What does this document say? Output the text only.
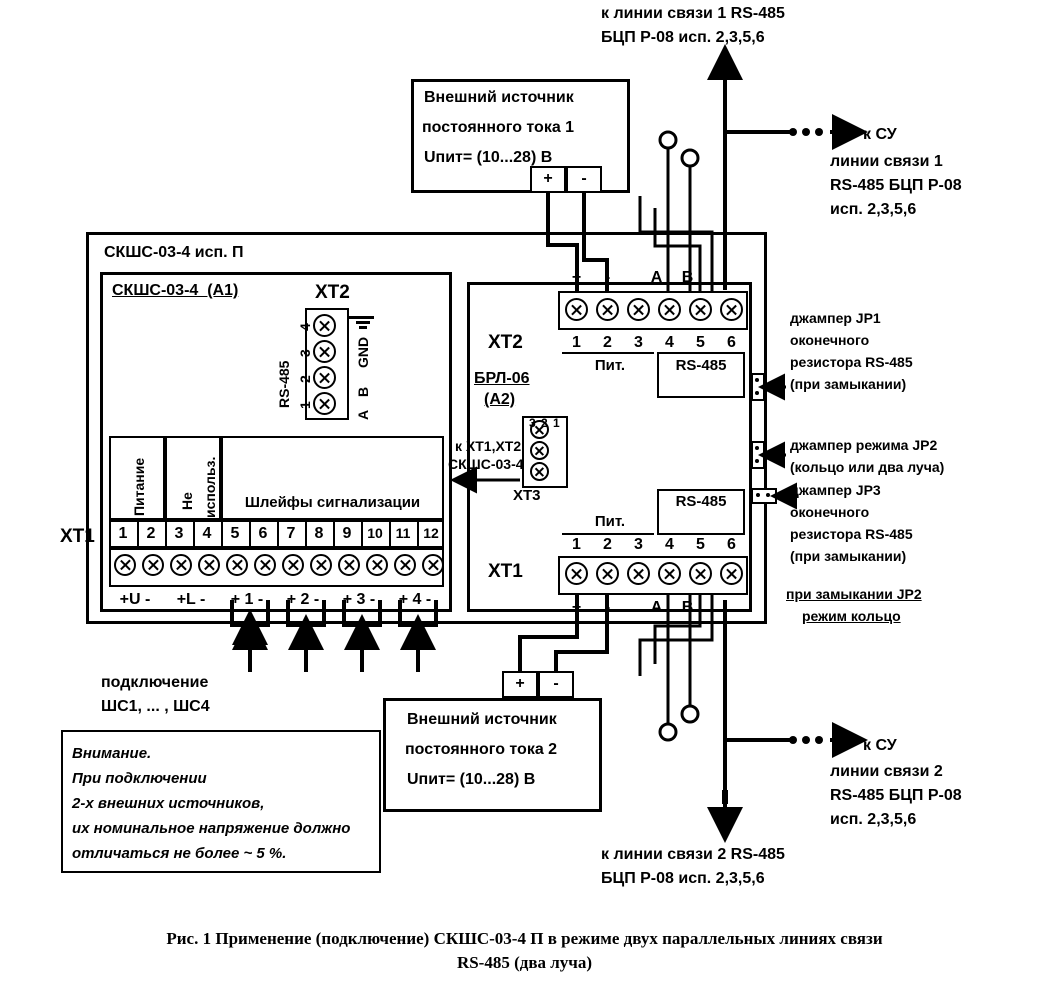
к линии связи 1 RS-485
БЦП Р-08 исп. 2,3,5,6
к СУ
линии связи 1
RS-485 БЦП Р-08
исп. 2,3,5,6
Внешний источник
постоянного тока 1
Uпит= (10...28) В
+	-
СКШС-03-4 исп. П
СКШС-03-4  (А1)
БРЛ-06
(А2)
XT2
4
3
2
1
RS-485
A
B
GND
Питание Не использ.	Шлейфы сигнализации
XT1	1	2	3	4	5	6	7	8	9	10 11 12
+U -	+L -	+ 1 -	+ 2 -	+ 3 -	+ 4 -
подключение
ШС1, ... , ШС4
XT2	1	2	3	4	5	6
Пит.	RS-485
+	-	A	B
1
2
3
XT3
к XT1,XT2
СКШС-03-4
Пит.
RS-485
1	2	3	4	5	6
XT1
+	-	A	B
джампер JP1
оконечного
резистора RS-485
(при замыкании)
джампер режима JP2
(кольцо или два луча)
джампер JP3
оконечного
резистора RS-485
(при замыкании)
при замыкании JP2
режим кольцо
Внешний источник
постоянного тока 2
Uпит= (10...28) В
+	-
Внимание.
При подключении
2-х внешних источников,
их номинальное напряжение должно
отличаться не более ~ 5 %.	к линии связи 2 RS-485
БЦП Р-08 исп. 2,3,5,6
к СУ
линии связи 2
RS-485 БЦП Р-08
исп. 2,3,5,6
Рис. 1 Применение (подключение) СКШС-03-4 П в режиме двух параллельных линиях связи
RS-485 (два луча)
